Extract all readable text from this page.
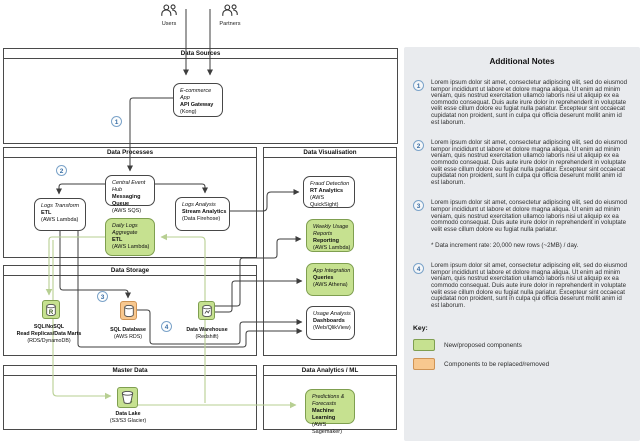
Data Sources
Data Processes	Data Visualisation
Data Storage
Master Data	Data Analytics / ML
Users	Partners
E-commerce App
API Gateway
(Kong)
Central Event Hub
Messaging Queue
(AWS SQS)
Logs Transform
ETL
(AWS Lambda)
Daily Logs
Aggregate
ETL
(AWS Lambda)
Logs Analysis
Stream Analytics
(Data Firehose)
Fraud Detection
RT Analytics
(AWS QuickSight)
Weekly Usage
Reports
Reporting
(AWS Lambda)
App Integration
Queries
(AWS Athena)
Usage Analysis
Dashboards
(Web/QlikView)
Predictions &
Forecasts
Machine Learning
(AWS Sagemaker)
R
SQL/NoSQL
Read Replicas/Data Marts
(RDS/DynamoDB)
SQL Database
(AWS RDS)
Data Warehouse
(Redshift)
*
Data Lake
(S3/S3 Glacier)
1
2
3
4
Additional Notes
1
Lorem ipsum dolor sit amet, consectetur adipiscing elit, sed do eiusmod tempor incididunt ut labore et dolore magna aliqua. Ut enim ad minim veniam, quis nostrud exercitation ullamco laboris nisi ut aliquip ex ea commodo consequat. Duis aute irure dolor in reprehenderit in voluptate velit esse cillum dolore eu fugiat nulla pariatur. Excepteur sint occaecat cupidatat non proident, sunt in culpa qui officia deserunt mollit anim id est laborum.
2
Lorem ipsum dolor sit amet, consectetur adipiscing elit, sed do eiusmod tempor incididunt ut labore et dolore magna aliqua. Ut enim ad minim veniam, quis nostrud exercitation ullamco laboris nisi ut aliquip ex ea commodo consequat. Duis aute irure dolor in reprehenderit in voluptate velit esse cillum dolore eu fugiat nulla pariatur. Excepteur sint occaecat cupidatat non proident, sunt in culpa qui officia deserunt mollit anim id est laborum.
3
Lorem ipsum dolor sit amet, consectetur adipiscing elit, sed do eiusmod tempor incididunt ut labore et dolore magna aliqua. Ut enim ad minim veniam, quis nostrud exercitation ullamco laboris nisi ut aliquip ex ea commodo consequat. Duis aute irure dolor in reprehenderit in voluptate velit esse cillum dolore eu fugiat nulla pariatur.
* Data increment rate: 20,000 new rows (~2MB) / day.
4
Lorem ipsum dolor sit amet, consectetur adipiscing elit, sed do eiusmod tempor incididunt ut labore et dolore magna aliqua. Ut enim ad minim veniam, quis nostrud exercitation ullamco laboris nisi ut aliquip ex ea commodo consequat. Duis aute irure dolor in reprehenderit in voluptate velit esse cillum dolore eu fugiat nulla pariatur. Excepteur sint occaecat cupidatat non proident, sunt in culpa qui officia deserunt mollit anim id est laborum.
Key:
New/proposed components
Components to be replaced/removed
